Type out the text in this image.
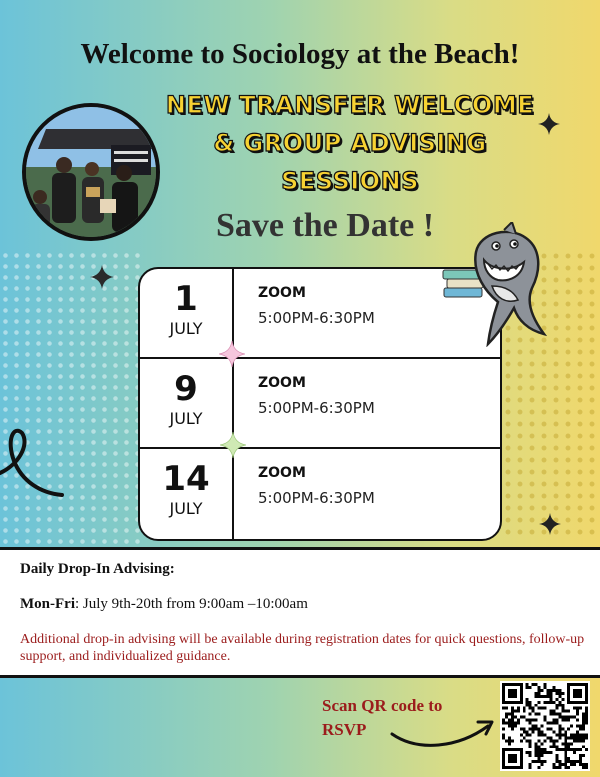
Welcome to Sociology at the Beach!
NEW TRANSFER WELCOME
& GROUP ADVISING
SESSIONS
Save the Date !
1
JULY
ZOOM
5:00PM-6:30PM
9
JULY
ZOOM
5:00PM-6:30PM
14
JULY
ZOOM
5:00PM-6:30PM
Daily Drop-In Advising:
Mon-Fri: July 9th-20th from 9:00am –10:00am
Additional drop-in advising will be available during registration dates for quick questions, follow-up support, and individualized guidance.
Scan QR code to
RSVP
